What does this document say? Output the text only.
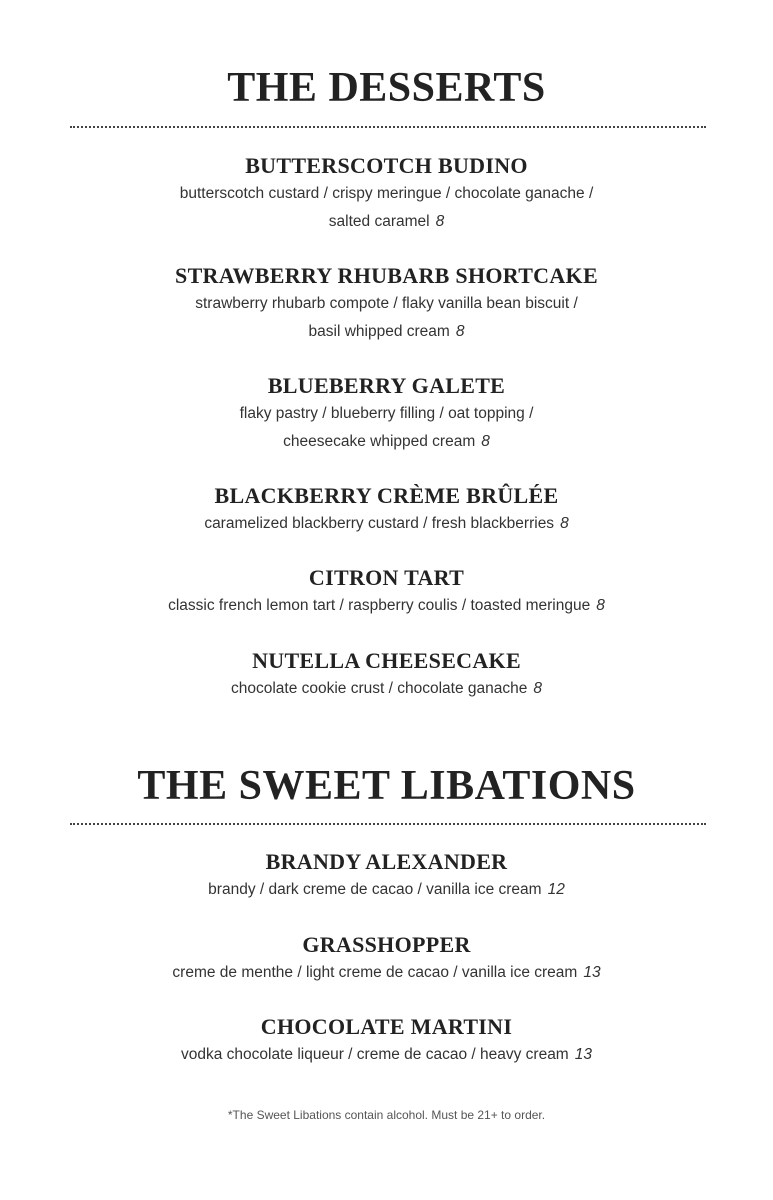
THE DESSERTS
BUTTERSCOTCH BUDINO
butterscotch custard / crispy meringue / chocolate ganache /
salted caramel 8
STRAWBERRY RHUBARB SHORTCAKE
strawberry rhubarb compote / flaky vanilla bean biscuit /
basil whipped cream 8
BLUEBERRY GALETE
flaky pastry / blueberry filling / oat topping /
cheesecake whipped cream 8
BLACKBERRY CRÈME BRÛLÉE
caramelized blackberry custard / fresh blackberries 8
CITRON TART
classic french lemon tart / raspberry coulis / toasted meringue 8
NUTELLA CHEESECAKE
chocolate cookie crust / chocolate ganache 8
THE SWEET LIBATIONS
BRANDY ALEXANDER
brandy / dark creme de cacao / vanilla ice cream 12
GRASSHOPPER
creme de menthe / light creme de cacao / vanilla ice cream 13
CHOCOLATE MARTINI
vodka chocolate liqueur / creme de cacao / heavy cream 13
*The Sweet Libations contain alcohol. Must be 21+ to order.
